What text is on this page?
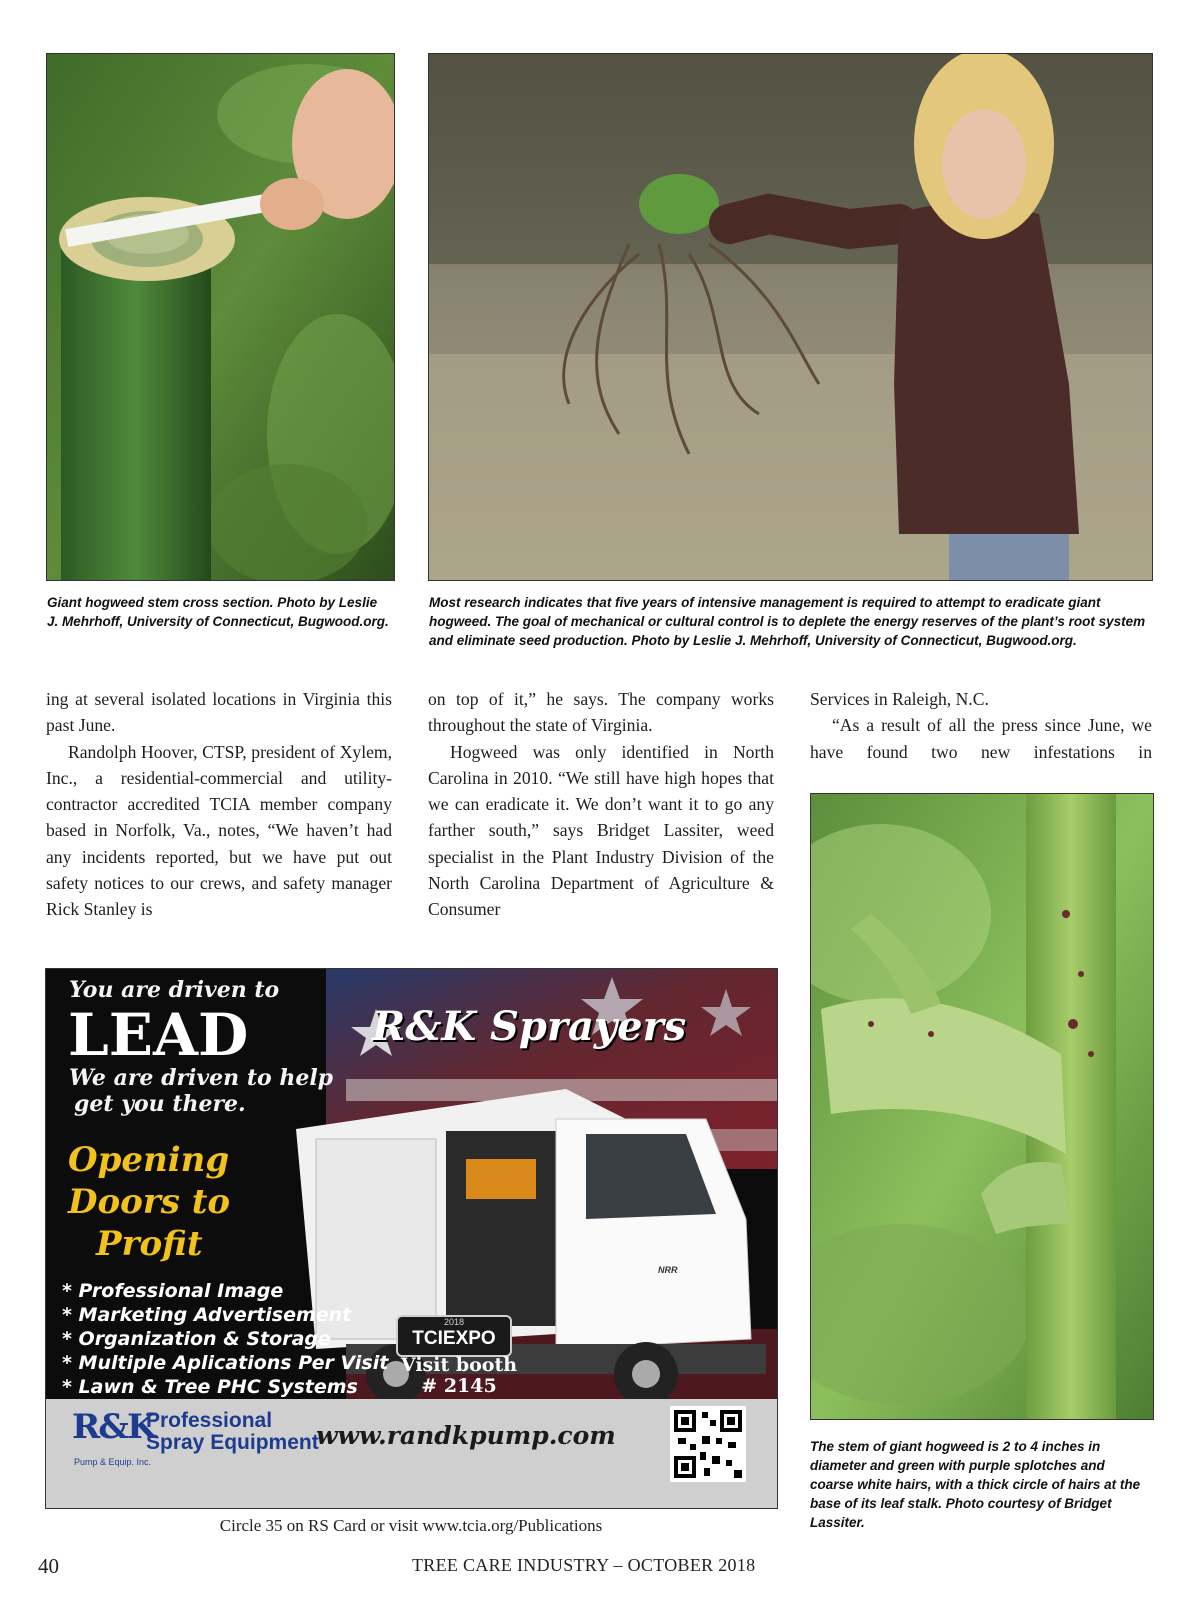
Giant hogweed stem cross section. Photo by Leslie J. Mehrhoff, University of Connecticut, Bugwood.org.
Most research indicates that five years of intensive management is required to attempt to eradicate giant hogweed. The goal of mechanical or cultural control is to deplete the energy reserves of the plant’s root system and eliminate seed production. Photo by Leslie J. Mehrhoff, University of Connecticut, Bugwood.org.

ing at several isolated locations in Virginia this past June.

Randolph Hoover, CTSP, president of Xylem, Inc., a residential-commercial and utility-contractor accredited TCIA member company based in Norfolk, Va., notes, “We haven’t had any incidents reported, but we have put out safety notices to our crews, and safety manager Rick Stanley is

on top of it,” he says. The company works throughout the state of Virginia.

Hogweed was only identified in North Carolina in 2010. “We still have high hopes that we can eradicate it. We don’t want it to go any farther south,” says Bridget Lassiter, weed specialist in the Plant Industry Division of the North Carolina Department of Agriculture & Consumer

Services in Raleigh, N.C.

“As a result of all the press since June, we have found two new infestations in

The stem of giant hogweed is 2 to 4 inches in diameter and green with purple splotches and coarse white hairs, with a thick circle of hairs at the base of its leaf stalk. Photo courtesy of Bridget Lassiter.
You are driven to
LEAD
We are driven to help
get you there.
R&K Sprayers
Opening
Doors to
Profit
* Professional Image
* Marketing Advertisement
* Organization & Storage
* Multiple Aplications Per Visit
* Lawn & Tree PHC Systems
NRR
2018
TCIEXPO
Visit booth
# 2145
R&K
Professional
Spray Equipment
Pump & Equip. Inc.
www.randkpump.com
Circle 35 on RS Card or visit www.tcia.org/Publications
40	TREE CARE INDUSTRY – OCTOBER 2018
